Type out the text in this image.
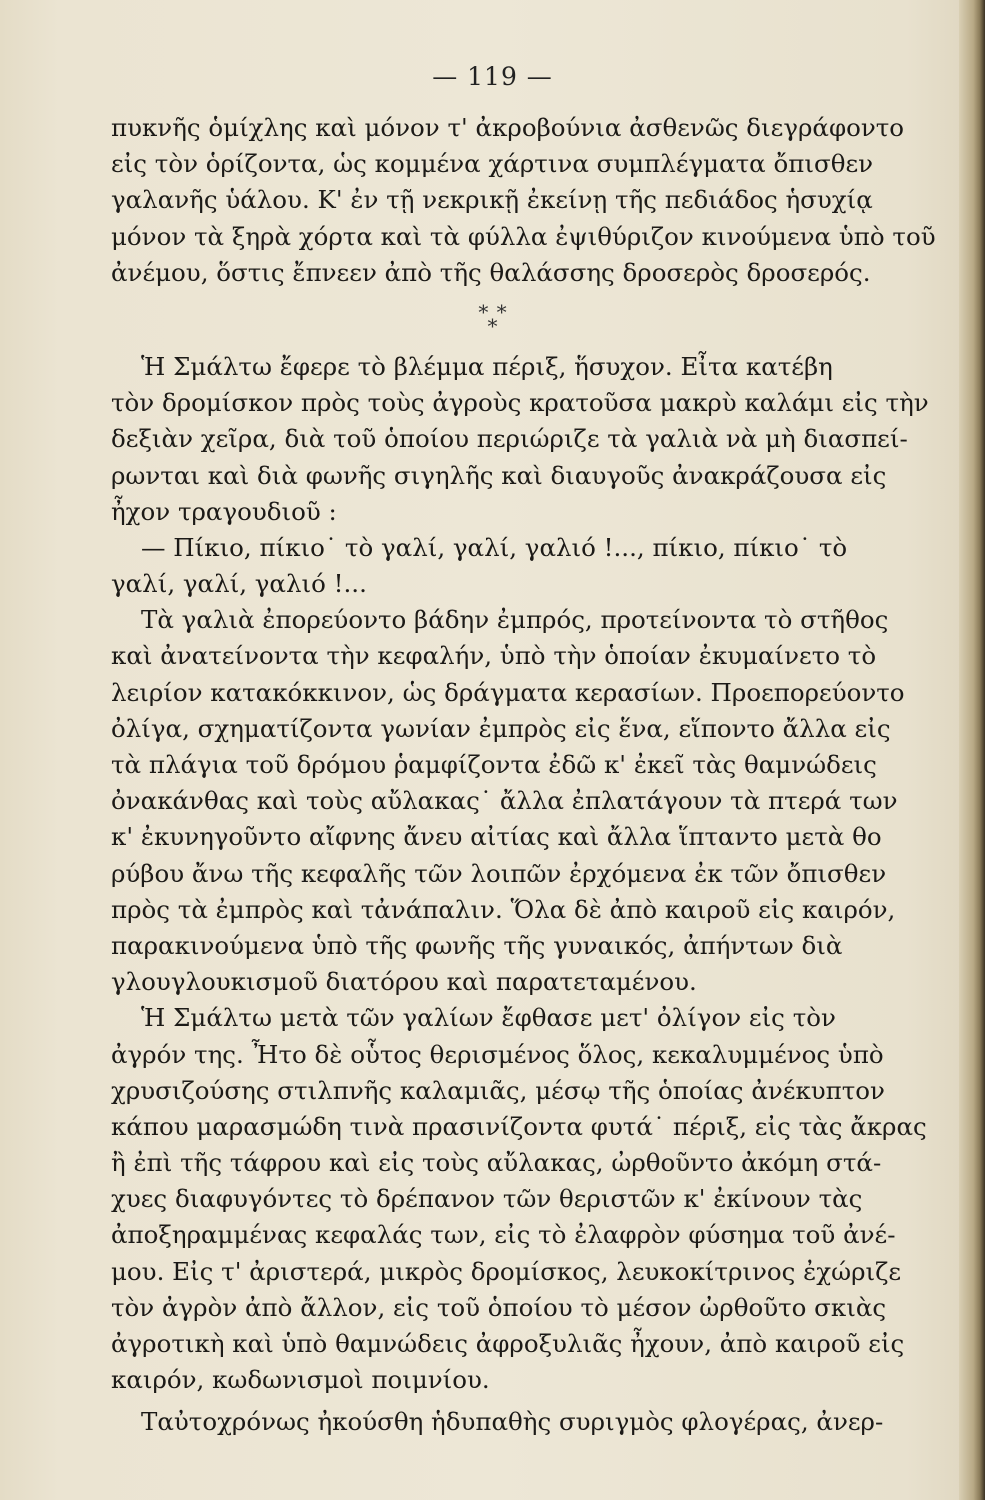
— 119 —
πυκνῆς ὁμίχλης καὶ μόνον τ' ἀκροβούνια ἀσθενῶς διεγράφοντο
εἰς τὸν ὁρίζοντα, ὡς κομμένα χάρτινα συμπλέγματα ὄπισθεν
γαλανῆς ὑάλου. Κ' ἐν τῇ νεκρικῇ ἐκείνῃ τῆς πεδιάδος ἡσυχίᾳ
μόνον τὰ ξηρὰ χόρτα καὶ τὰ φύλλα ἐψιθύριζον κινούμενα ὑπὸ τοῦ
ἀνέμου, ὅστις ἔπνεεν ἀπὸ τῆς θαλάσσης δροσερὸς δροσερός.
* * *
Ἡ Σμάλτω ἔφερε τὸ βλέμμα πέριξ, ἥσυχον. Εἶτα κατέβη
τὸν δρομίσκον πρὸς τοὺς ἀγροὺς κρατοῦσα μακρὺ καλάμι εἰς τὴν
δεξιὰν χεῖρα, διὰ τοῦ ὁποίου περιώριζε τὰ γαλιὰ νὰ μὴ διασπεί-
ρωνται καὶ διὰ φωνῆς σιγηλῆς καὶ διαυγοῦς ἀνακράζουσα εἰς
ἦχον τραγουδιοῦ :
— Πίκιο, πίκιο˙ τὸ γαλί, γαλί, γαλιό !..., πίκιο, πίκιο˙ τὸ
γαλί, γαλί, γαλιό !...
Τὰ γαλιὰ ἐπορεύοντο βάδην ἐμπρός, προτείνοντα τὸ στῆθος
καὶ ἀνατείνοντα τὴν κεφαλήν, ὑπὸ τὴν ὁποίαν ἐκυμαίνετο τὸ
λειρίον κατακόκκινον, ὡς δράγματα κερασίων. Προεπορεύοντο
ὀλίγα, σχηματίζοντα γωνίαν ἐμπρὸς εἰς ἕνα, εἵποντο ἄλλα εἰς
τὰ πλάγια τοῦ δρόμου ῥαμφίζοντα ἐδῶ κ' ἐκεῖ τὰς θαμνώδεις
ὀνακάνθας καὶ τοὺς αὔλακας˙ ἄλλα ἐπλατάγουν τὰ πτερά των
κ' ἐκυνηγοῦντο αἴφνης ἄνευ αἰτίας καὶ ἄλλα ἵπταντο μετὰ θο
ρύβου ἄνω τῆς κεφαλῆς τῶν λοιπῶν ἐρχόμενα ἐκ τῶν ὄπισθεν
πρὸς τὰ ἐμπρὸς καὶ τἀνάπαλιν. Ὅλα δὲ ἀπὸ καιροῦ εἰς καιρόν,
παρακινούμενα ὑπὸ τῆς φωνῆς τῆς γυναικός, ἀπήντων διὰ
γλουγλουκισμοῦ διατόρου καὶ παρατεταμένου.
Ἡ Σμάλτω μετὰ τῶν γαλίων ἔφθασε μετ' ὀλίγον εἰς τὸν
ἀγρόν της. Ἦτο δὲ οὗτος θερισμένος ὅλος, κεκαλυμμένος ὑπὸ
χρυσιζούσης στιλπνῆς καλαμιᾶς, μέσῳ τῆς ὁποίας ἀνέκυπτον
κάπου μαρασμώδη τινὰ πρασινίζοντα φυτά˙ πέριξ, εἰς τὰς ἄκρας
ἢ ἐπὶ τῆς τάφρου καὶ εἰς τοὺς αὔλακας, ὠρθοῦντο ἀκόμη στά-
χυες διαφυγόντες τὸ δρέπανον τῶν θεριστῶν κ' ἐκίνουν τὰς
ἀποξηραμμένας κεφαλάς των, εἰς τὸ ἐλαφρὸν φύσημα τοῦ ἀνέ-
μου. Εἰς τ' ἀριστερά, μικρὸς δρομίσκος, λευκοκίτρινος ἐχώριζε
τὸν ἀγρὸν ἀπὸ ἄλλον, εἰς τοῦ ὁποίου τὸ μέσον ὠρθοῦτο σκιὰς
ἀγροτικὴ καὶ ὑπὸ θαμνώδεις ἀφροξυλιᾶς ἦχουν, ἀπὸ καιροῦ εἰς
καιρόν, κωδωνισμοὶ ποιμνίου.
Ταὐτοχρόνως ἠκούσθη ἡδυπαθὴς συριγμὸς φλογέρας, ἀνερ-
